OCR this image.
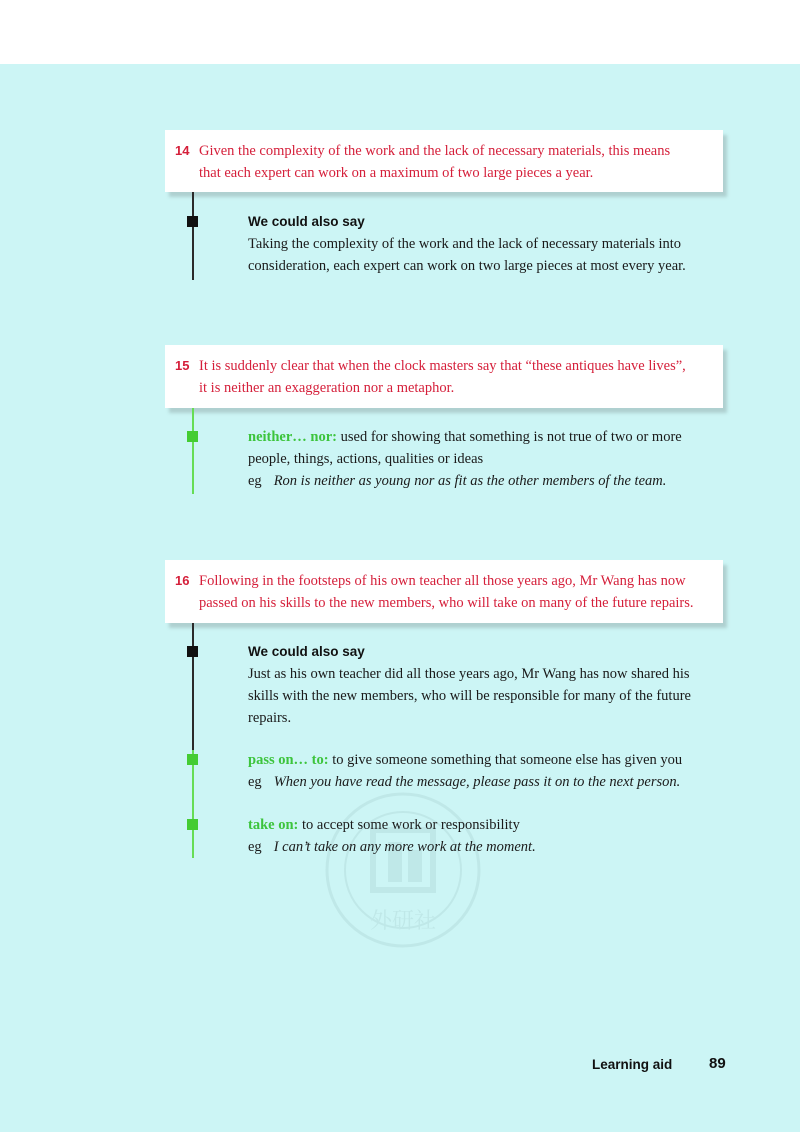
14 Given the complexity of the work and the lack of necessary materials, this means
that each expert can work on a maximum of two large pieces a year.
We could also say
Taking the complexity of the work and the lack of necessary materials into consideration, each expert can work on two large pieces at most every year.
15 It is suddenly clear that when the clock masters say that “these antiques have lives”,
it is neither an exaggeration nor a metaphor.
neither… nor: used for showing that something is not true of two or more people, things, actions, qualities or ideas
eg Ron is neither as young nor as fit as the other members of the team.
16 Following in the footsteps of his own teacher all those years ago, Mr Wang has now
passed on his skills to the new members, who will take on many of the future repairs.
We could also say
Just as his own teacher did all those years ago, Mr Wang has now shared his skills with the new members, who will be responsible for many of the future repairs.
pass on… to: to give someone something that someone else has given you
eg When you have read the message, please pass it on to the next person.
take on: to accept some work or responsibility
eg I can’t take on any more work at the moment.
外研社
Learning aid 89
